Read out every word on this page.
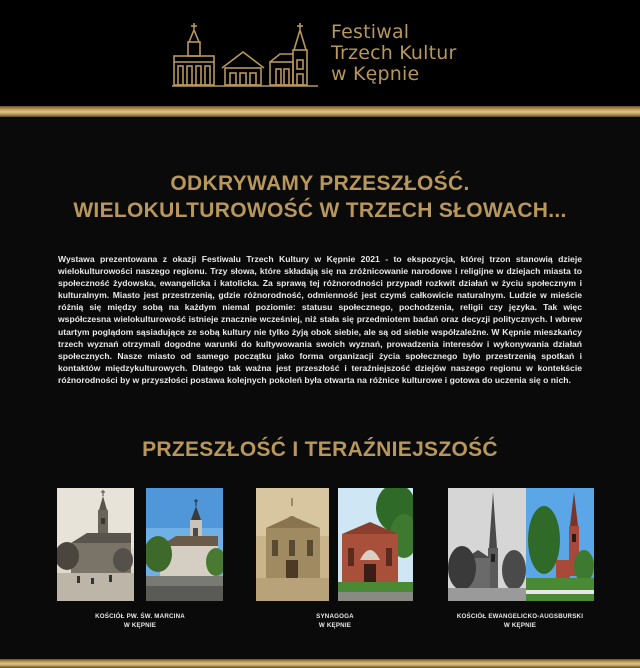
Festiwal
Trzech Kultur
w Kępnie
ODKRYWAMY PRZESZŁOŚĆ.
WIELOKULTUROWOŚĆ W TRZECH SŁOWACH...
Wystawa prezentowana z okazji Festiwalu Trzech Kultury w Kępnie 2021 - to ekspozycja, której trzon stanowią dzieje wielokulturowości naszego regionu. Trzy słowa, które składają się na zróżnicowanie narodowe i religijne w dziejach miasta to społeczność żydowska, ewangelicka i katolicka. Za sprawą tej różnorodności przypadł rozkwit działań w życiu społecznym i kulturalnym. Miasto jest przestrzenią, gdzie różnorodność, odmienność jest czymś całkowicie naturalnym. Ludzie w mieście różnią się między sobą na każdym niemal poziomie: statusu społecznego, pochodzenia, religii czy języka. Tak więc współczesna wielokulturowość istnieje znacznie wcześniej, niż stała się przedmiotem badań oraz decyzji politycznych. I wbrew utartym poglądom sąsiadujące ze sobą kultury nie tylko żyją obok siebie, ale są od siebie współzależne. W Kępnie mieszkańcy trzech wyznań otrzymali dogodne warunki do kultywowania swoich wyznań, prowadzenia interesów i wykonywania działań społecznych. Nasze miasto od samego początku jako forma organizacji życia społecznego było przestrzenią spotkań i kontaktów międzykulturowych. Dlatego tak ważna jest przeszłość i teraźniejszość dziejów naszego regionu w kontekście różnorodności by w przyszłości postawa kolejnych pokoleń była otwarta na różnice kulturowe i gotowa do uczenia się o nich.
PRZESZŁOŚĆ I TERAŹNIEJSZOŚĆ
KOŚCIÓŁ PW. ŚW. MARCINA
W KĘPNIE
SYNAGOGA
W KĘPNIE
KOŚCIÓŁ EWANGELICKO-AUGSBURSKI
W KĘPNIE
